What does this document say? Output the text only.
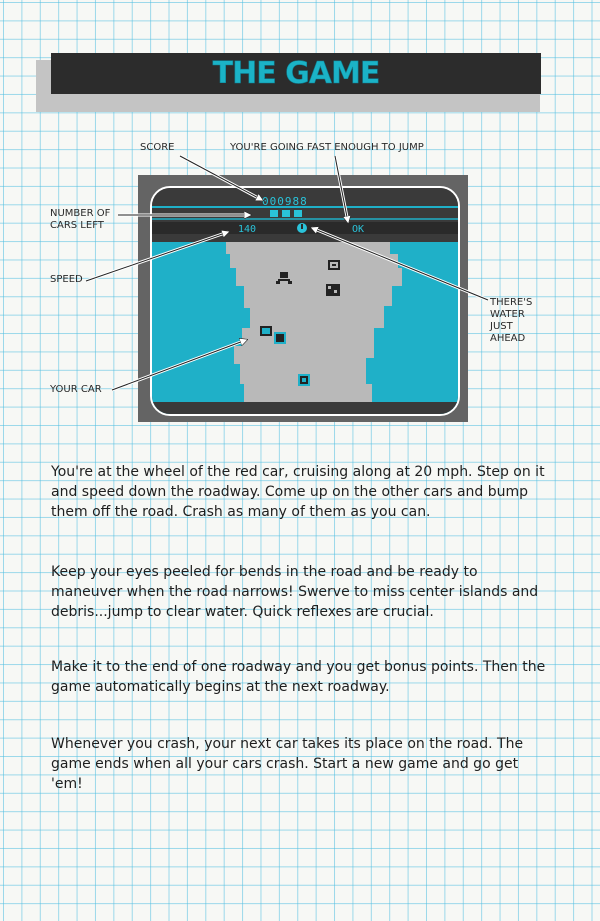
THE GAME
SCORE	YOU'RE GOING FAST ENOUGH TO JUMP
NUMBER OF
CARS LEFT
SPEED
THERE'S
WATER
JUST
AHEAD
YOUR CAR
000988
140	OK

You're at the wheel of the red car, cruising along at 20 mph. Step on it and speed down the roadway. Come up on the other cars and bump them off the road. Crash as many of them as you can.

Keep your eyes peeled for bends in the road and be ready to maneuver when the road narrows! Swerve to miss center islands and debris...jump to clear water. Quick reflexes are crucial.

Make it to the end of one roadway and you get bonus points. Then the game automatically begins at the next roadway.

Whenever you crash, your next car takes its place on the road. The game ends when all your cars crash. Start a new game and go get 'em!
